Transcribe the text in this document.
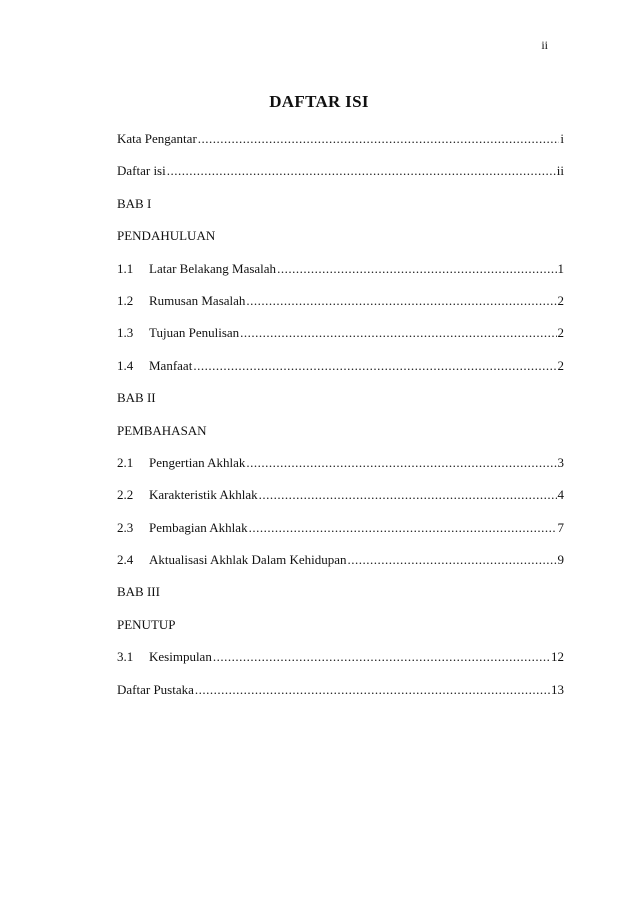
ii
DAFTAR ISI
Kata Pengantar .....	i
Daftar isi .....	ii
BAB I
PENDAHULUAN
1.1	Latar Belakang Masalah .....	1
1.2	Rumusan Masalah .....	2
1.3	Tujuan Penulisan .....	2
1.4	Manfaat .....	2
BAB II
PEMBAHASAN
2.1	Pengertian Akhlak .....	3
2.2	Karakteristik Akhlak .....	4
2.3	Pembagian Akhlak .....	7
2.4	Aktualisasi Akhlak Dalam Kehidupan .....	9
BAB III
PENUTUP
3.1	Kesimpulan .....	12
Daftar Pustaka .....	13
